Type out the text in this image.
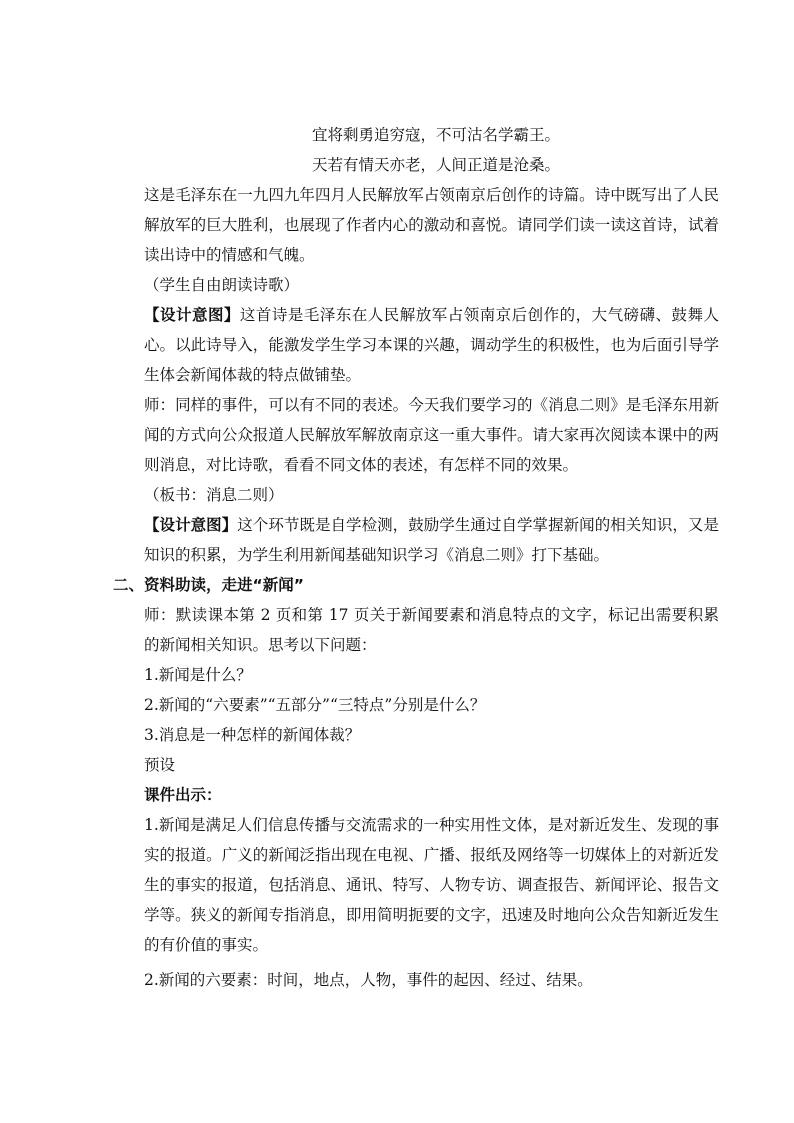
宜将剩勇追穷寇，不可沽名学霸王。

天若有情天亦老，人间正道是沧桑。

这是毛泽东在一九四九年四月人民解放军占领南京后创作的诗篇。诗中既写出了人民解放军的巨大胜利，也展现了作者内心的激动和喜悦。请同学们读一读这首诗，试着读出诗中的情感和气魄。

（学生自由朗读诗歌）

【设计意图】这首诗是毛泽东在人民解放军占领南京后创作的，大气磅礴、鼓舞人心。以此诗导入，能激发学生学习本课的兴趣，调动学生的积极性，也为后面引导学生体会新闻体裁的特点做铺垫。

师：同样的事件，可以有不同的表述。今天我们要学习的《消息二则》是毛泽东用新闻的方式向公众报道人民解放军解放南京这一重大事件。请大家再次阅读本课中的两则消息，对比诗歌，看看不同文体的表述，有怎样不同的效果。

（板书：消息二则）

【设计意图】这个环节既是自学检测，鼓励学生通过自学掌握新闻的相关知识，又是知识的积累，为学生利用新闻基础知识学习《消息二则》打下基础。

二、资料助读，走进“新闻”

师：默读课本第 2 页和第 17 页关于新闻要素和消息特点的文字，标记出需要积累的新闻相关知识。思考以下问题：

1.新闻是什么？

2.新闻的“六要素”“五部分”“三特点”分别是什么？

3.消息是一种怎样的新闻体裁？

预设

课件出示：

1.新闻是满足人们信息传播与交流需求的一种实用性文体，是对新近发生、发现的事实的报道。广义的新闻泛指出现在电视、广播、报纸及网络等一切媒体上的对新近发生的事实的报道，包括消息、通讯、特写、人物专访、调查报告、新闻评论、报告文学等。狭义的新闻专指消息，即用简明扼要的文字，迅速及时地向公众告知新近发生的有价值的事实。

2.新闻的六要素：时间，地点，人物，事件的起因、经过、结果。
